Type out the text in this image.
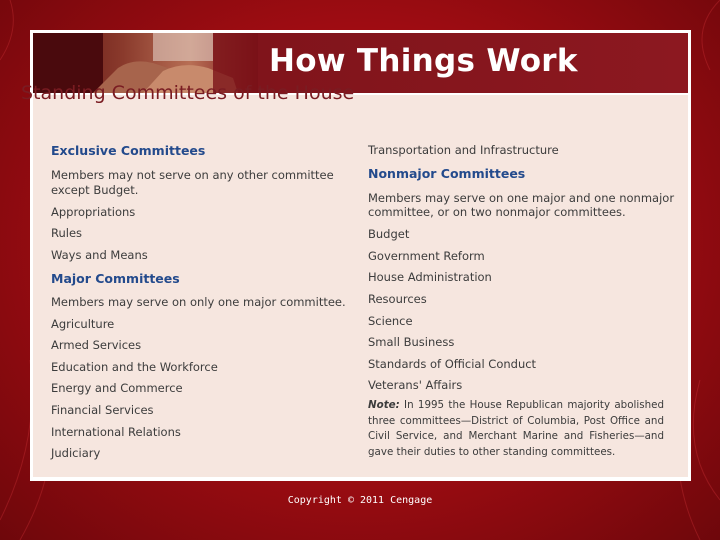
How Things Work
Standing Committees of the House
Exclusive Committees
Members may not serve on any other committee
except Budget.
Appropriations
Rules
Ways and Means
Major Committees
Members may serve on only one major committee.
Agriculture
Armed Services
Education and the Workforce
Energy and Commerce
Financial Services
International Relations
Judiciary
Transportation and Infrastructure
Nonmajor Committees
Members may serve on one major and one nonmajor
committee, or on two nonmajor committees.
Budget
Government Reform
House Administration
Resources
Science
Small Business
Standards of Official Conduct
Veterans' Affairs
Note: In 1995 the House Republican majority abolished three committees—District of Columbia, Post Office and Civil Service, and Merchant Marine and Fisheries—and gave their duties to other standing committees.
Copyright © 2011 Cengage
